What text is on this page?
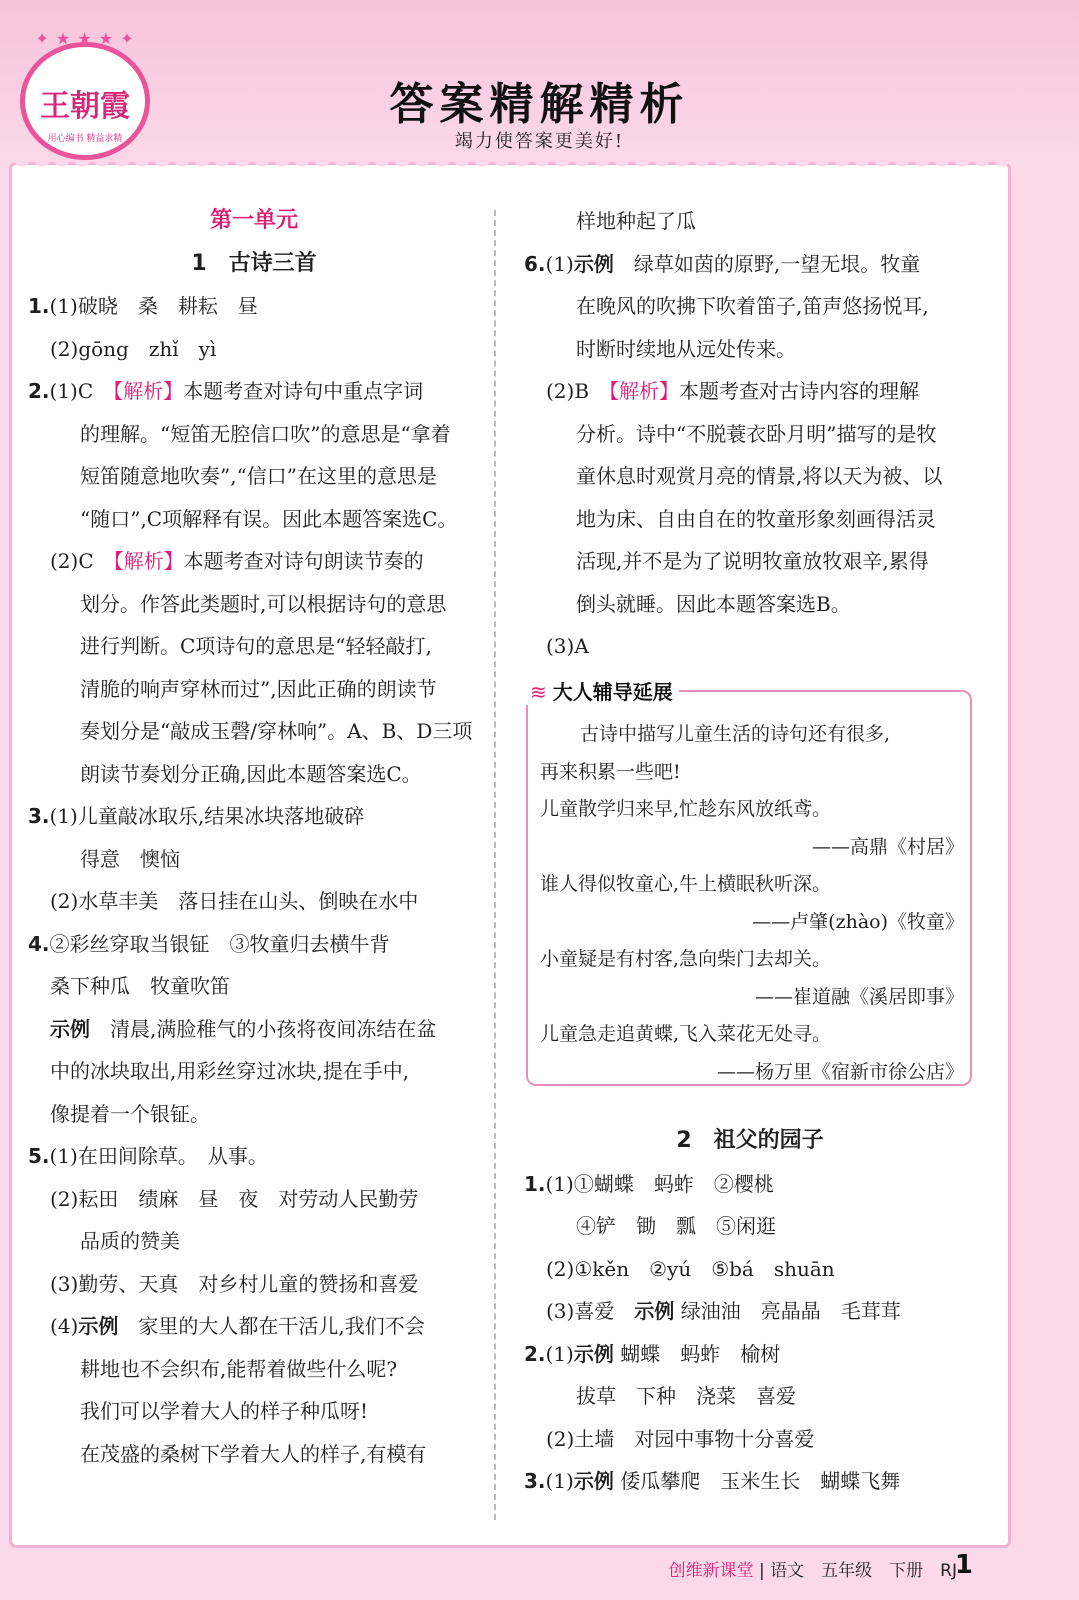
✦ ★ ★ ★ ✦
王朝霞
用心编书 精益求精
答案精解精析
竭力使答案更美好!
第一单元
1　古诗三首
1.(1)破晓　桑　耕耘　昼
(2)gōng　zhǐ　yì
2.(1)C　【解析】本题考查对诗句中重点字词
的理解。“短笛无腔信口吹”的意思是“拿着
短笛随意地吹奏”,“信口”在这里的意思是
“随口”,C项解释有误。因此本题答案选C。
(2)C　【解析】本题考查对诗句朗读节奏的
划分。作答此类题时,可以根据诗句的意思
进行判断。C项诗句的意思是“轻轻敲打,
清脆的响声穿林而过”,因此正确的朗读节
奏划分是“敲成玉磬/穿林响”。A、B、D三项
朗读节奏划分正确,因此本题答案选C。
3.(1)儿童敲冰取乐,结果冰块落地破碎
得意　懊恼
(2)水草丰美　落日挂在山头、倒映在水中
4.②彩丝穿取当银钲　③牧童归去横牛背
桑下种瓜　牧童吹笛
示例　清晨,满脸稚气的小孩将夜间冻结在盆
中的冰块取出,用彩丝穿过冰块,提在手中,
像提着一个银钲。
5.(1)在田间除草。　从事。
(2)耘田　绩麻　昼　夜　对劳动人民勤劳
品质的赞美
(3)勤劳、天真　对乡村儿童的赞扬和喜爱
(4)示例　家里的大人都在干活儿,我们不会
耕地也不会织布,能帮着做些什么呢?
我们可以学着大人的样子种瓜呀!
在茂盛的桑树下学着大人的样子,有模有
样地种起了瓜
6.(1)示例　绿草如茵的原野,一望无垠。牧童
在晚风的吹拂下吹着笛子,笛声悠扬悦耳,
时断时续地从远处传来。
(2)B　【解析】本题考查对古诗内容的理解
分析。诗中“不脱蓑衣卧月明”描写的是牧
童休息时观赏月亮的情景,将以天为被、以
地为床、自由自在的牧童形象刻画得活灵
活现,并不是为了说明牧童放牧艰辛,累得
倒头就睡。因此本题答案选B。
(3)A
≋ 大人辅导延展
古诗中描写儿童生活的诗句还有很多,
再来积累一些吧!
儿童散学归来早,忙趁东风放纸鸢。
——高鼎《村居》
谁人得似牧童心,牛上横眠秋听深。
——卢肇(zhào)《牧童》
小童疑是有村客,急向柴门去却关。
——崔道融《溪居即事》
儿童急走追黄蝶,飞入菜花无处寻。
——杨万里《宿新市徐公店》
2　祖父的园子
1.(1)①蝴蝶　蚂蚱　②樱桃
④铲　锄　瓢　⑤闲逛
(2)①kěn　②yú　⑤bá　shuān
(3)喜爱　示例 绿油油　亮晶晶　毛茸茸
2.(1)示例 蝴蝶　蚂蚱　榆树
拔草　下种　浇菜　喜爱
(2)土墙　对园中事物十分喜爱
3.(1)示例 倭瓜攀爬　玉米生长　蝴蝶飞舞
创维新课堂 | 语文　五年级　下册　RJ
1
